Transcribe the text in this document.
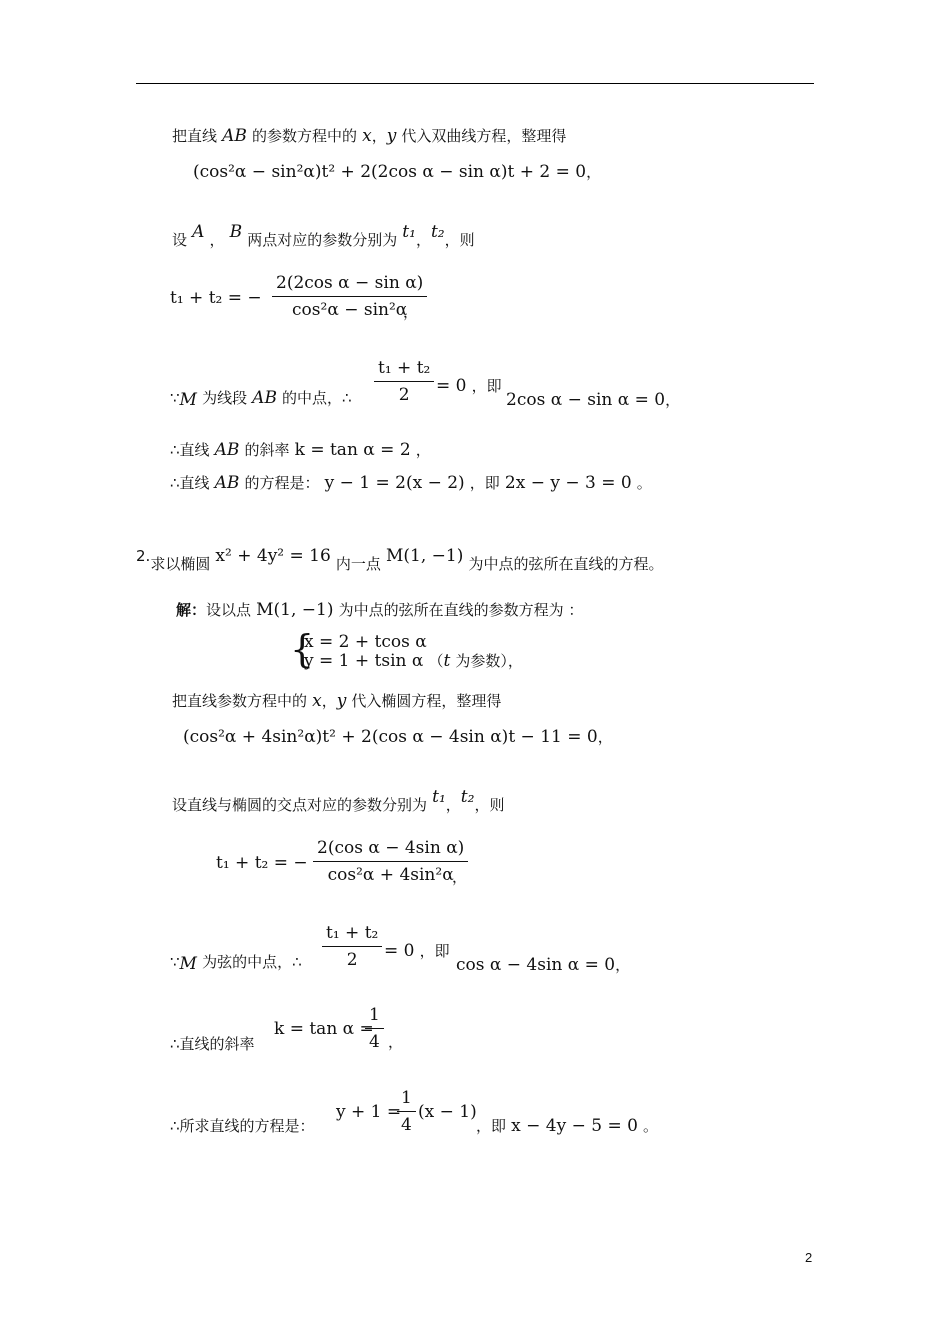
把直线 AB 的参数方程中的 x，y 代入双曲线方程，整理得
(cos²α − sin²α)t² + 2(2cos α − sin α)t + 2 = 0，
设 A ， B 两点对应的参数分别为 t₁，t₂，则
t₁ + t₂ = − $\frac{\text{2(2cos α − sin α)}}{\text{cos²α − sin²α}}$
，
∵M 为线段 AB 的中点，∴ $\frac{\text{t₁ + t₂}}{2} = 0$ ，即
2cos α − sin α = 0，
∴直线 AB 的斜率 k = tan α = 2 ，
∴直线 AB 的方程是： y − 1 = 2(x − 2) ，即 2x − y − 3 = 0 。
2.求以椭圆 x² + 4y² = 16 内一点 M(1, −1) 为中点的弦所在直线的方程。
解：设以点 M(1, −1) 为中点的弦所在直线的参数方程为 ：
{
x = 2 + tcos α
y = 1 + tsin α （t 为参数），
把直线参数方程中的 x，y 代入椭圆方程，整理得
(cos²α + 4sin²α)t² + 2(cos α − 4sin α)t − 11 = 0，
设直线与椭圆的交点对应的参数分别为 t₁，t₂，则
t₁ + t₂ = − $\frac{\text{2(cos α − 4sin α)}}{\text{cos²α + 4sin²α}}$
，
∵M 为弦的中点，∴ $\frac{\text{t₁ + t₂}}{2} = 0$ ，即
cos α − 4sin α = 0，
∴直线的斜率
k = tan α =
$\frac{1}{4}$ ，
∴所求直线的方程是：
y + 1 =
$\frac{1}{4} (x - 1)$
，即 x − 4y − 5 = 0 。
2
